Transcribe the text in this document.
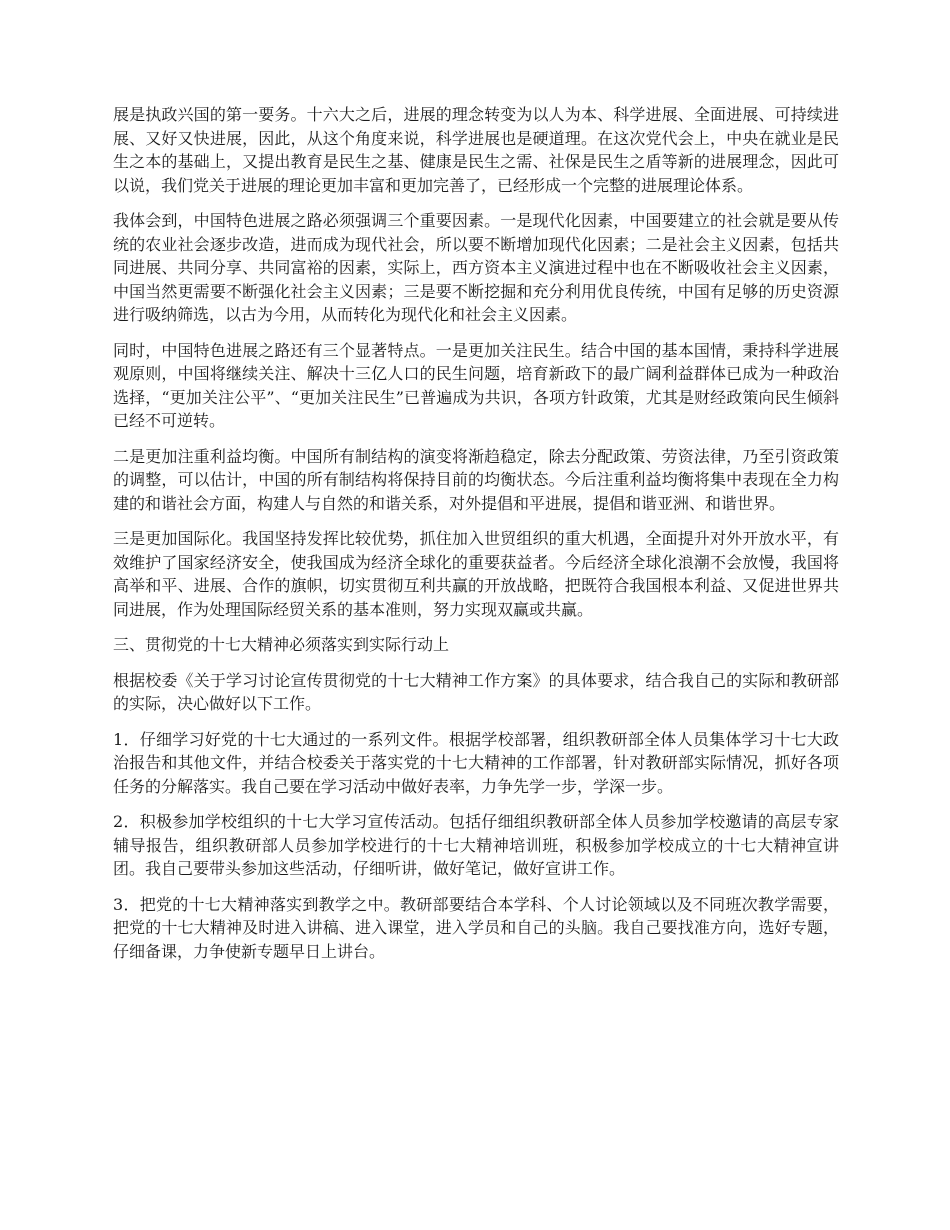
展是执政兴国的第一要务。十六大之后，进展的理念转变为以人为本、科学进展、全面进展、可持续进展、又好又快进展，因此，从这个角度来说，科学进展也是硬道理。在这次党代会上，中央在就业是民生之本的基础上，又提出教育是民生之基、健康是民生之需、社保是民生之盾等新的进展理念，因此可以说，我们党关于进展的理论更加丰富和更加完善了，已经形成一个完整的进展理论体系。

我体会到，中国特色进展之路必须强调三个重要因素。一是现代化因素，中国要建立的社会就是要从传统的农业社会逐步改造，进而成为现代社会，所以要不断增加现代化因素；二是社会主义因素，包括共同进展、共同分享、共同富裕的因素，实际上，西方资本主义演进过程中也在不断吸收社会主义因素，中国当然更需要不断强化社会主义因素；三是要不断挖掘和充分利用优良传统，中国有足够的历史资源进行吸纳筛选，以古为今用，从而转化为现代化和社会主义因素。

同时，中国特色进展之路还有三个显著特点。一是更加关注民生。结合中国的基本国情，秉持科学进展观原则，中国将继续关注、解决十三亿人口的民生问题，培育新政下的最广阔利益群体已成为一种政治选择，“更加关注公平”、“更加关注民生”已普遍成为共识，各项方针政策，尤其是财经政策向民生倾斜已经不可逆转。

二是更加注重利益均衡。中国所有制结构的演变将渐趋稳定，除去分配政策、劳资法律，乃至引资政策的调整，可以估计，中国的所有制结构将保持目前的均衡状态。今后注重利益均衡将集中表现在全力构建的和谐社会方面，构建人与自然的和谐关系，对外提倡和平进展，提倡和谐亚洲、和谐世界。

三是更加国际化。我国坚持发挥比较优势，抓住加入世贸组织的重大机遇，全面提升对外开放水平，有效维护了国家经济安全，使我国成为经济全球化的重要获益者。今后经济全球化浪潮不会放慢，我国将高举和平、进展、合作的旗帜，切实贯彻互利共赢的开放战略，把既符合我国根本利益、又促进世界共同进展，作为处理国际经贸关系的基本准则，努力实现双赢或共赢。

三、贯彻党的十七大精神必须落实到实际行动上

根据校委《关于学习讨论宣传贯彻党的十七大精神工作方案》的具体要求，结合我自己的实际和教研部的实际，决心做好以下工作。

1．仔细学习好党的十七大通过的一系列文件。根据学校部署，组织教研部全体人员集体学习十七大政治报告和其他文件，并结合校委关于落实党的十七大精神的工作部署，针对教研部实际情况，抓好各项任务的分解落实。我自己要在学习活动中做好表率，力争先学一步，学深一步。

2．积极参加学校组织的十七大学习宣传活动。包括仔细组织教研部全体人员参加学校邀请的高层专家辅导报告，组织教研部人员参加学校进行的十七大精神培训班，积极参加学校成立的十七大精神宣讲团。我自己要带头参加这些活动，仔细听讲，做好笔记，做好宣讲工作。

3．把党的十七大精神落实到教学之中。教研部要结合本学科、个人讨论领域以及不同班次教学需要，把党的十七大精神及时进入讲稿、进入课堂，进入学员和自己的头脑。我自己要找准方向，选好专题，仔细备课，力争使新专题早日上讲台。
